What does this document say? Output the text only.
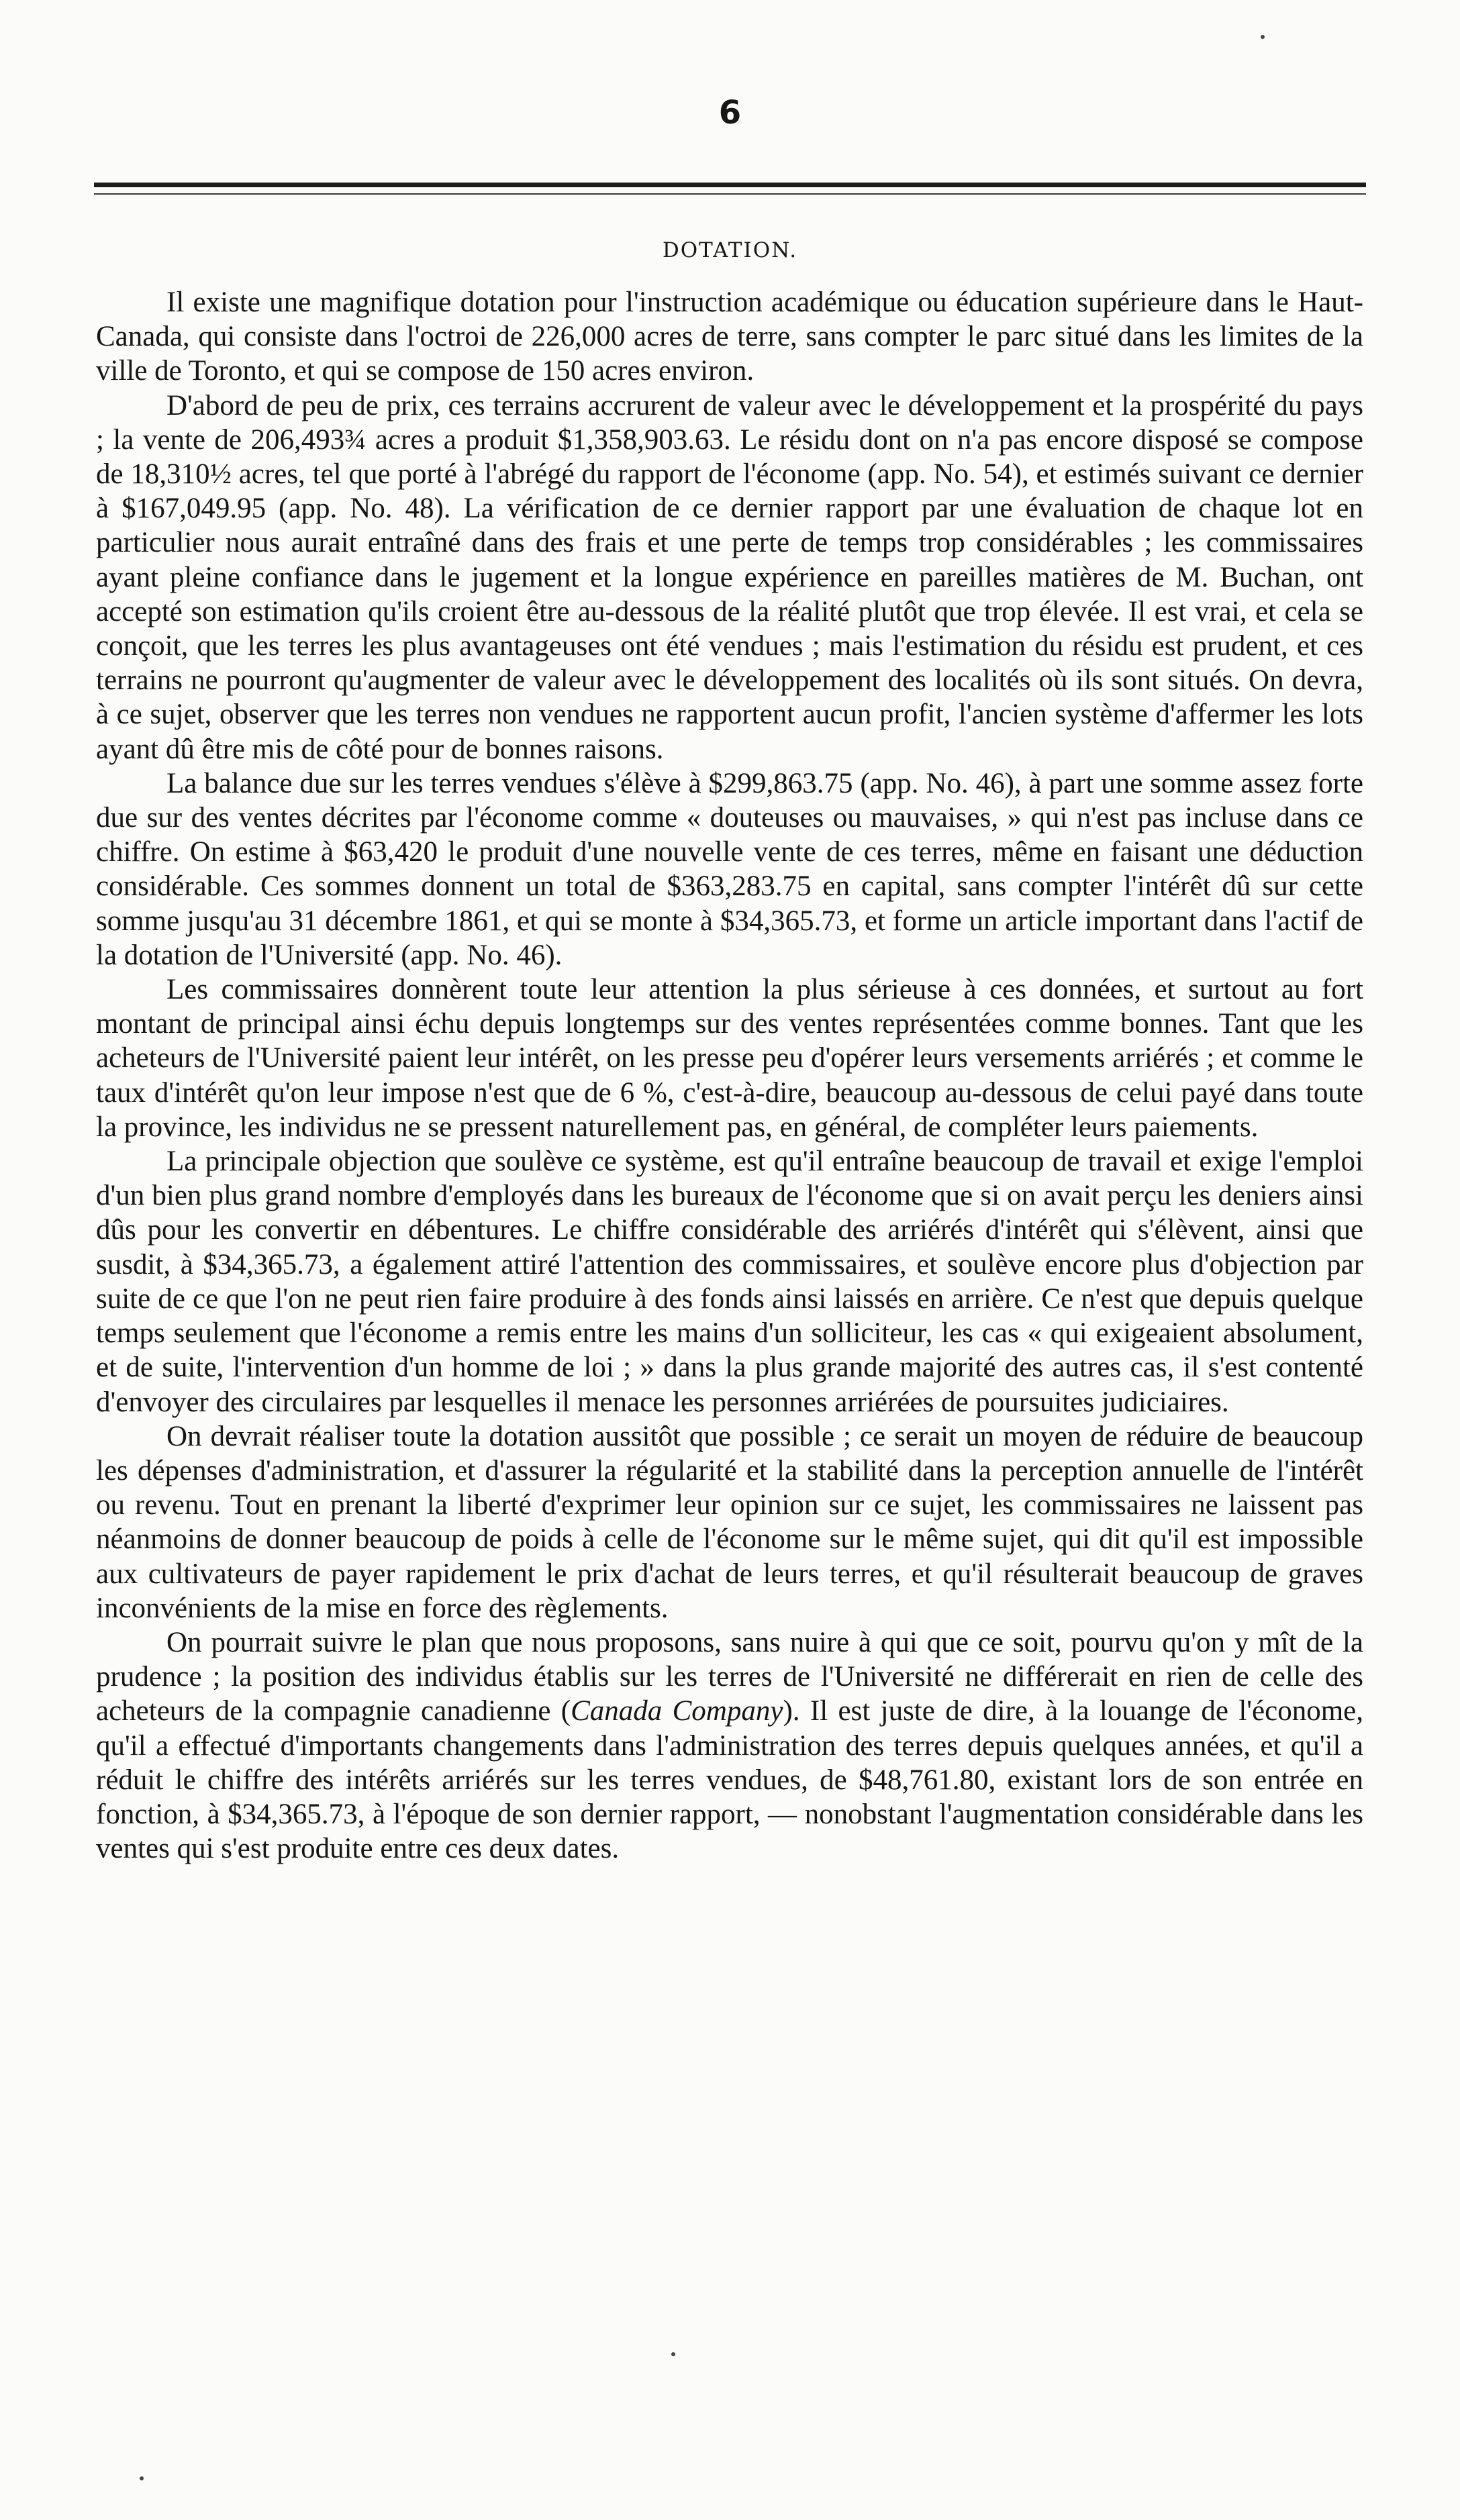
6
DOTATION.

Il existe une magnifique dotation pour l'instruction académique ou éducation supérieure dans le Haut-Canada, qui consiste dans l'octroi de 226,000 acres de terre, sans compter le parc situé dans les limites de la ville de Toronto, et qui se compose de 150 acres environ.

D'abord de peu de prix, ces terrains accrurent de valeur avec le développement et la prospérité du pays ; la vente de 206,493¾ acres a produit $1,358,903.63. Le résidu dont on n'a pas encore disposé se compose de 18,310½ acres, tel que porté à l'abrégé du rapport de l'économe (app. No. 54), et estimés suivant ce dernier à $167,049.95 (app. No. 48). La vérification de ce dernier rapport par une évaluation de chaque lot en particulier nous aurait entraîné dans des frais et une perte de temps trop considérables ; les commissaires ayant pleine confiance dans le jugement et la longue expérience en pareilles matières de M. Buchan, ont accepté son estimation qu'ils croient être au-dessous de la réalité plutôt que trop élevée. Il est vrai, et cela se conçoit, que les terres les plus avantageuses ont été vendues ; mais l'estimation du résidu est prudent, et ces terrains ne pourront qu'augmenter de valeur avec le développement des localités où ils sont situés. On devra, à ce sujet, observer que les terres non vendues ne rapportent aucun profit, l'ancien système d'affermer les lots ayant dû être mis de côté pour de bonnes raisons.

La balance due sur les terres vendues s'élève à $299,863.75 (app. No. 46), à part une somme assez forte due sur des ventes décrites par l'économe comme « douteuses ou mauvaises, » qui n'est pas incluse dans ce chiffre. On estime à $63,420 le produit d'une nouvelle vente de ces terres, même en faisant une déduction considérable. Ces sommes donnent un total de $363,283.75 en capital, sans compter l'intérêt dû sur cette somme jusqu'au 31 décembre 1861, et qui se monte à $34,365.73, et forme un article important dans l'actif de la dotation de l'Université (app. No. 46).

Les commissaires donnèrent toute leur attention la plus sérieuse à ces données, et surtout au fort montant de principal ainsi échu depuis longtemps sur des ventes représentées comme bonnes. Tant que les acheteurs de l'Université paient leur intérêt, on les presse peu d'opérer leurs versements arriérés ; et comme le taux d'intérêt qu'on leur impose n'est que de 6 %, c'est-à-dire, beaucoup au-dessous de celui payé dans toute la province, les individus ne se pressent naturellement pas, en général, de compléter leurs paiements.

La principale objection que soulève ce système, est qu'il entraîne beaucoup de travail et exige l'emploi d'un bien plus grand nombre d'employés dans les bureaux de l'économe que si on avait perçu les deniers ainsi dûs pour les convertir en débentures. Le chiffre considérable des arriérés d'intérêt qui s'élèvent, ainsi que susdit, à $34,365.73, a également attiré l'attention des commissaires, et soulève encore plus d'objection par suite de ce que l'on ne peut rien faire produire à des fonds ainsi laissés en arrière. Ce n'est que depuis quelque temps seulement que l'économe a remis entre les mains d'un solliciteur, les cas « qui exigeaient absolument, et de suite, l'intervention d'un homme de loi ; » dans la plus grande majorité des autres cas, il s'est contenté d'envoyer des circulaires par lesquelles il menace les personnes arriérées de poursuites judiciaires.

On devrait réaliser toute la dotation aussitôt que possible ; ce serait un moyen de réduire de beaucoup les dépenses d'administration, et d'assurer la régularité et la stabilité dans la perception annuelle de l'intérêt ou revenu. Tout en prenant la liberté d'exprimer leur opinion sur ce sujet, les commissaires ne laissent pas néanmoins de donner beaucoup de poids à celle de l'économe sur le même sujet, qui dit qu'il est impossible aux cultivateurs de payer rapidement le prix d'achat de leurs terres, et qu'il résulterait beaucoup de graves inconvénients de la mise en force des règlements.

On pourrait suivre le plan que nous proposons, sans nuire à qui que ce soit, pourvu qu'on y mît de la prudence ; la position des individus établis sur les terres de l'Université ne différerait en rien de celle des acheteurs de la compagnie canadienne (Canada Company). Il est juste de dire, à la louange de l'économe, qu'il a effectué d'importants changements dans l'administration des terres depuis quelques années, et qu'il a réduit le chiffre des intérêts arriérés sur les terres vendues, de $48,761.80, existant lors de son entrée en fonction, à $34,365.73, à l'époque de son dernier rapport, — nonobstant l'augmentation considérable dans les ventes qui s'est produite entre ces deux dates.
